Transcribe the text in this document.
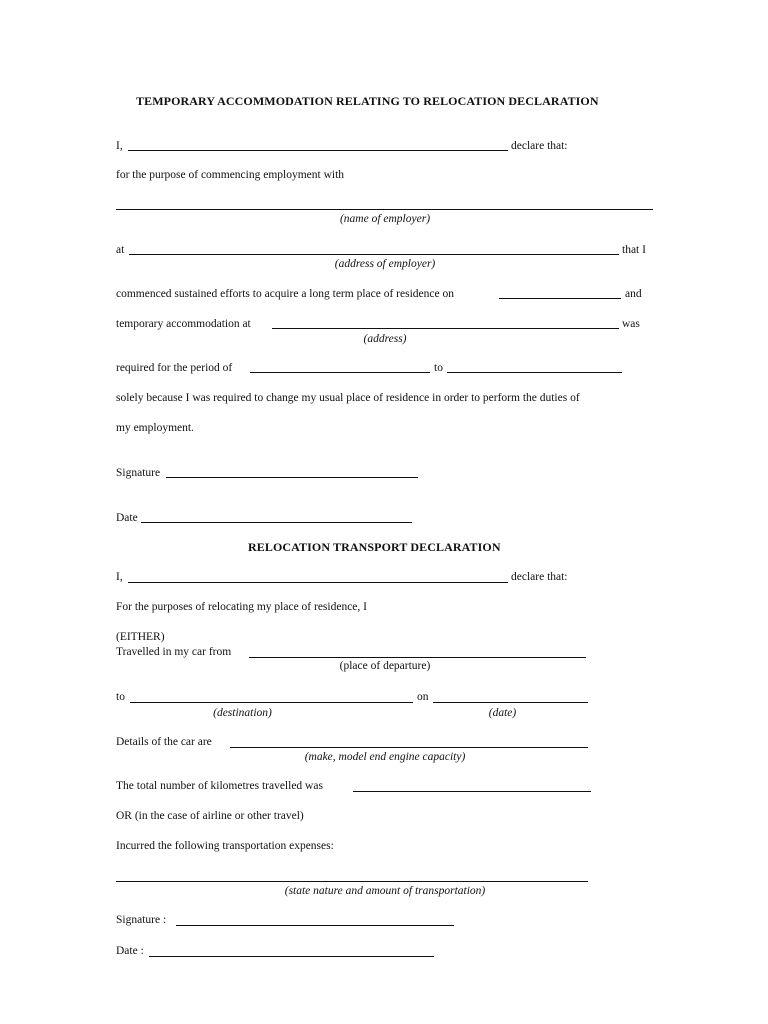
TEMPORARY ACCOMMODATION RELATING TO RELOCATION DECLARATION
I,	declare that:
for the purpose of commencing employment with
(name of employer)
at	that I
(address of employer)
commenced sustained efforts to acquire a long term place of residence on	and
temporary accommodation at	was
(address)
required for the period of	to
solely because I was required to change my usual place of residence in order to perform the duties of
my employment.
Signature
Date
RELOCATION TRANSPORT DECLARATION
I,	declare that:
For the purposes of relocating my place of residence, I
(EITHER)
Travelled in my car from
(place of departure)
to	on
(destination)	(date)
Details of the car are
(make, model end engine capacity)
The total number of kilometres travelled was
OR (in the case of airline or other travel)
Incurred the following transportation expenses:
(state nature and amount of transportation)
Signature :
Date :
